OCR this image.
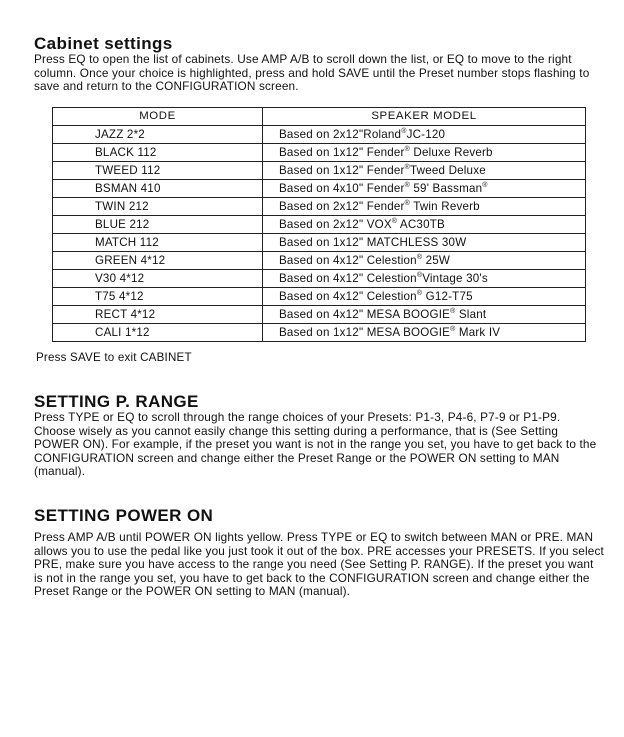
Cabinet settings

Press EQ to open the list of cabinets. Use AMP A/B to scroll down the list, or EQ to move to the right column. Once your choice is highlighted, press and hold SAVE until the Preset number stops flashing to save and return to the CONFIGURATION screen.

MODE	SPEAKER MODEL
JAZZ 2*2	Based on 2x12"Roland®JC-120
BLACK 112	Based on 1x12" Fender® Deluxe Reverb
TWEED 112	Based on 1x12" Fender®Tweed Deluxe
BSMAN 410	Based on 4x10" Fender® 59' Bassman®
TWIN 212	Based on 2x12" Fender® Twin Reverb
BLUE 212	Based on 2x12" VOX® AC30TB
MATCH 112	Based on 1x12" MATCHLESS 30W
GREEN 4*12	Based on 4x12" Celestion® 25W
V30 4*12	Based on 4x12" Celestion®Vintage 30's
T75 4*12	Based on 4x12" Celestion® G12-T75
RECT 4*12	Based on 4x12" MESA BOOGIE® Slant
CALI 1*12	Based on 1x12" MESA BOOGIE® Mark IV
Press SAVE to exit CABINET
SETTING P. RANGE

Press TYPE or EQ to scroll through the range choices of your Presets: P1-3, P4-6, P7-9 or P1-P9. Choose wisely as you cannot easily change this setting during a performance, that is (See Setting POWER ON). For example, if the preset you want is not in the range you set, you have to get back to the CONFIGURATION screen and change either the Preset Range or the POWER ON setting to MAN (manual).

SETTING POWER ON

Press AMP A/B until POWER ON lights yellow. Press TYPE or EQ to switch between MAN or PRE. MAN allows you to use the pedal like you just took it out of the box. PRE accesses your PRESETS. If you select PRE, make sure you have access to the range you need (See Setting P. RANGE). If the preset you want is not in the range you set, you have to get back to the CONFIGURATION screen and change either the Preset Range or the POWER ON setting to MAN (manual).
